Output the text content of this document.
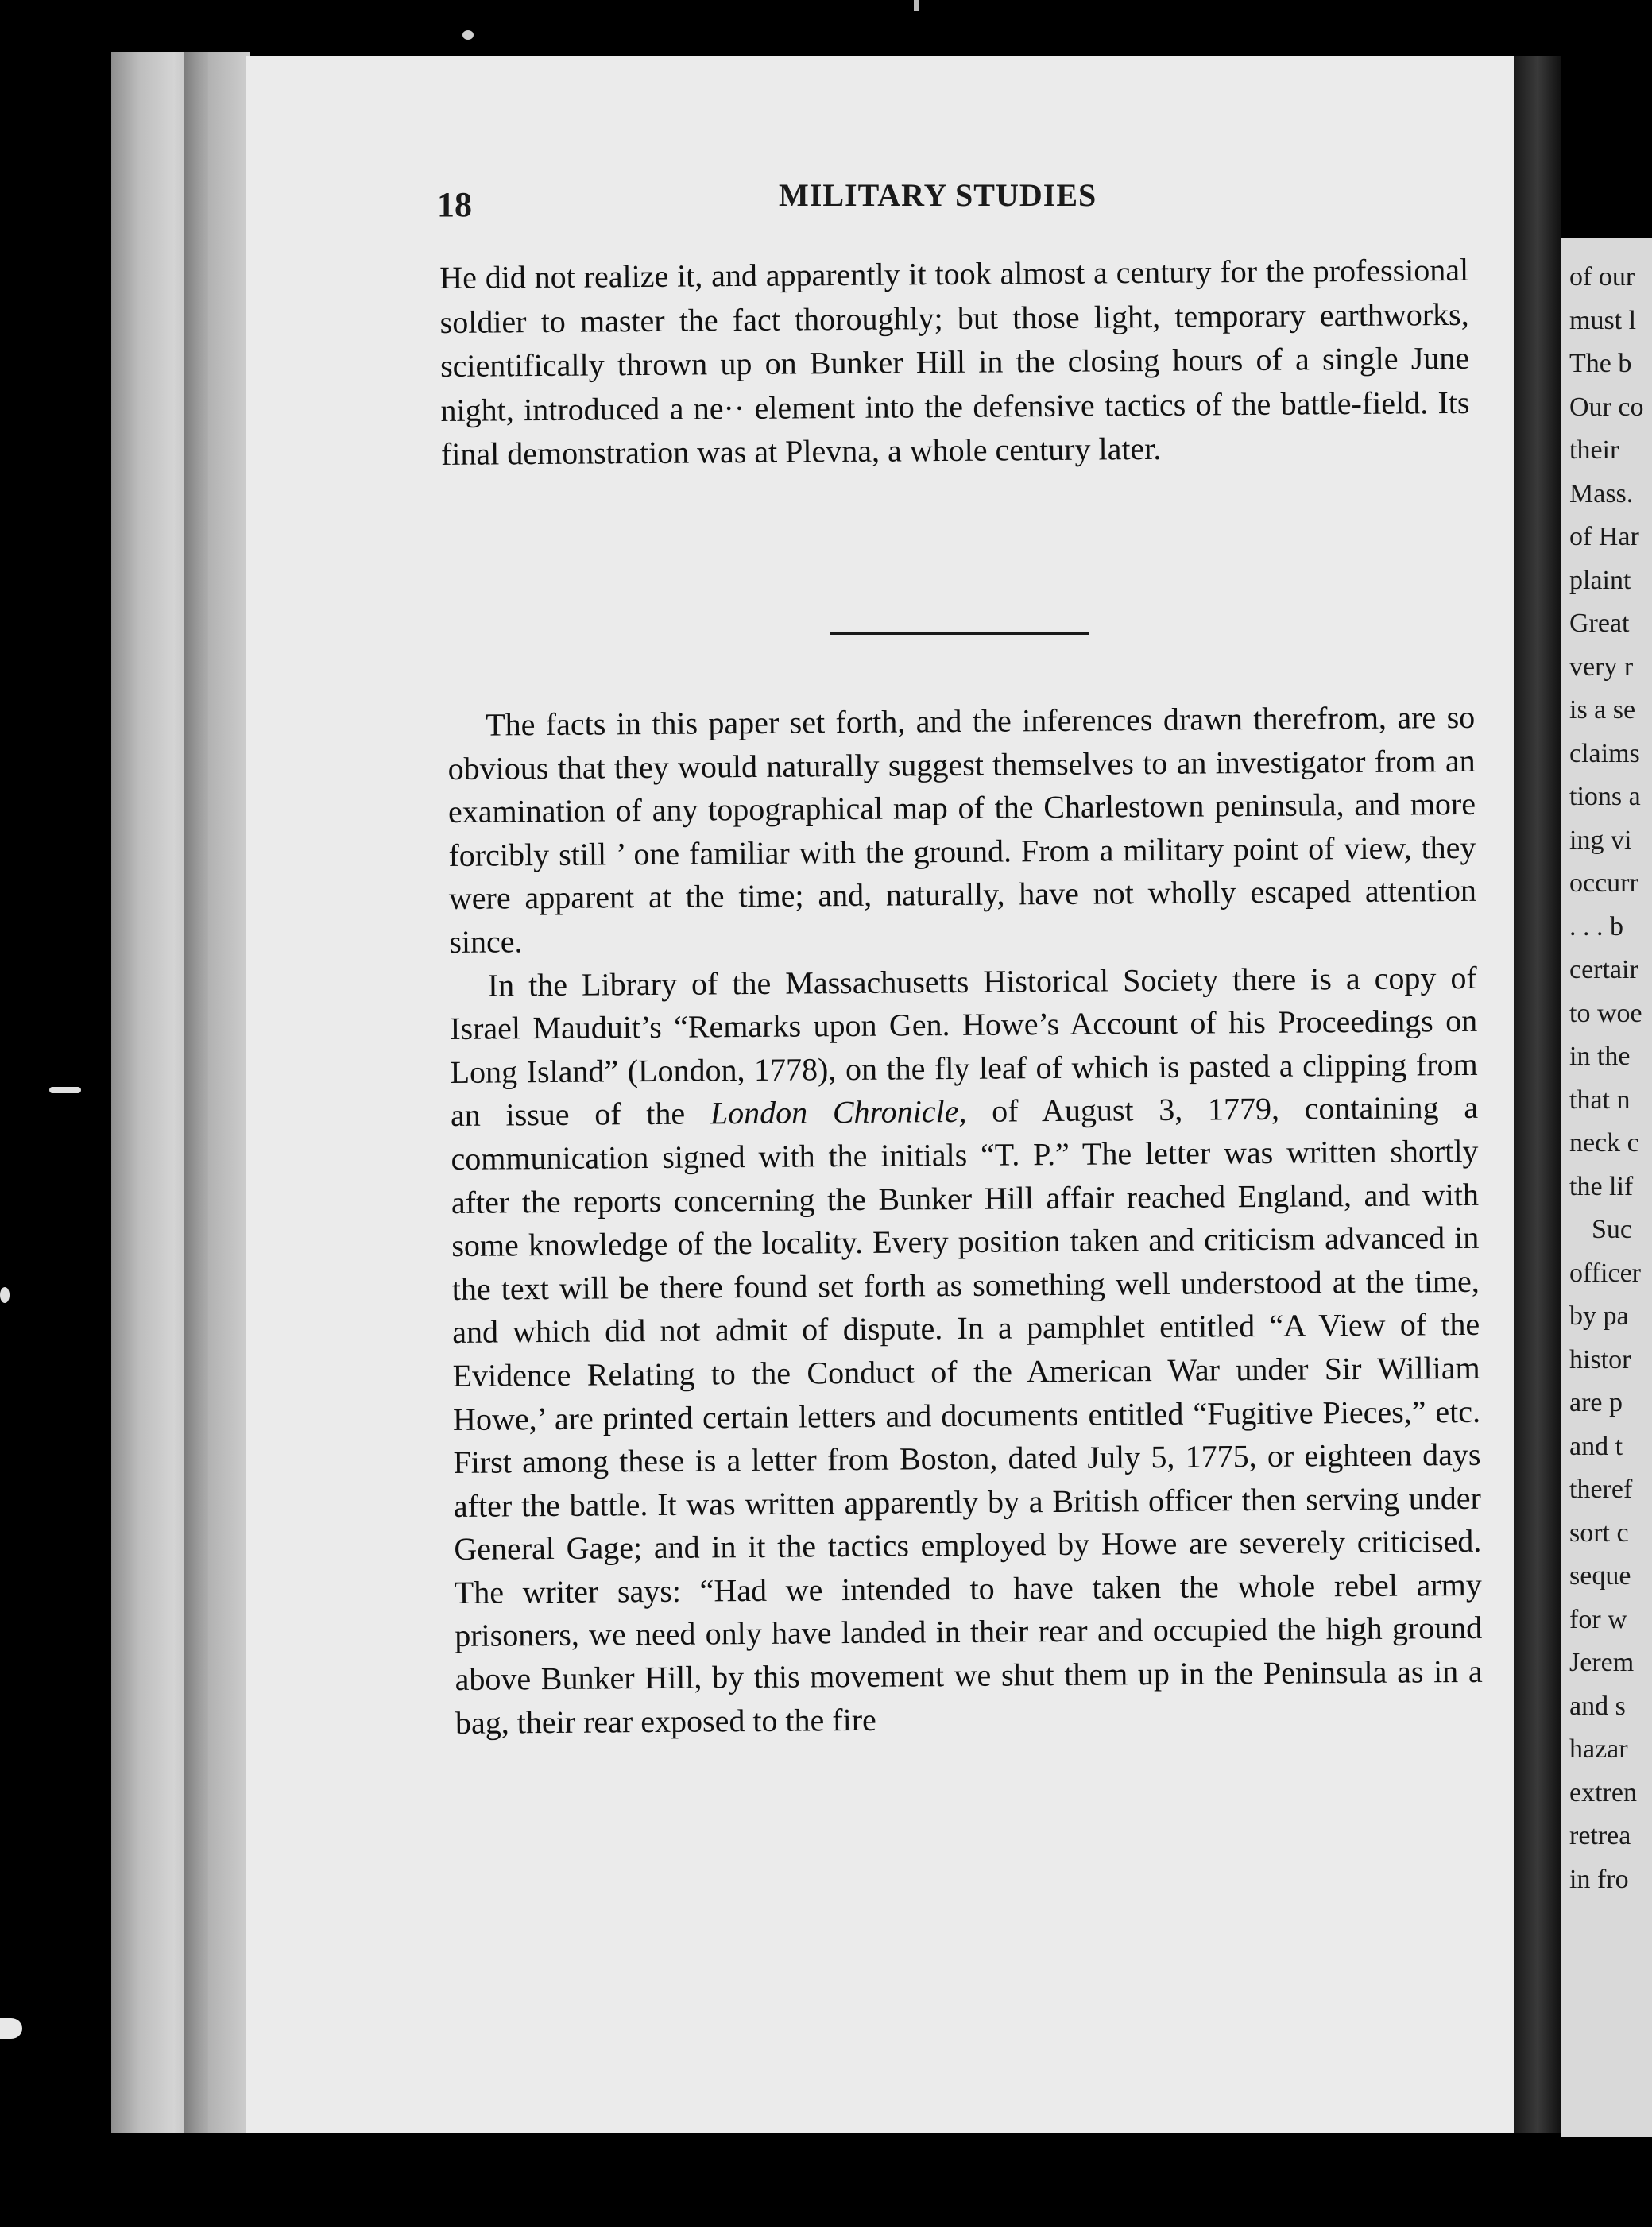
of our
must l
The b
Our co
their
Mass.
of Har
plaint
Great
very r
is a se
claims
tions a
ing vi
occurr
. . . b
certair
to woe
in the
that n
neck c
the lif
Suc
officer
by pa
histor
are p
and t
theref
sort c
seque
for w
Jerem
and s
hazar
extren
retrea
in fro
18	MILITARY STUDIES

He did not realize it, and apparently it took almost a century for the professional soldier to master the fact thoroughly; but those light, temporary earthworks, scientifically thrown up on Bunker Hill in the closing hours of a single June night, introduced a ne·· element into the defensive tactics of the battle-field. Its final demonstration was at Plevna, a whole century later.

The facts in this paper set forth, and the inferences drawn therefrom, are so obvious that they would naturally suggest themselves to an investigator from an examination of any topographical map of the Charlestown peninsula, and more forcibly still ’ one familiar with the ground. From a military point of view, they were apparent at the time; and, naturally, have not wholly escaped attention since.

In the Library of the Massachusetts Historical Society there is a copy of Israel Mauduit’s “Remarks upon Gen. Howe’s Account of his Proceedings on Long Island” (London, 1778), on the fly leaf of which is pasted a clipping from an issue of the London Chronicle, of August 3, 1779, containing a communication signed with the initials “T. P.” The letter was written shortly after the reports concerning the Bunker Hill affair reached England, and with some knowledge of the locality. Every position taken and criticism advanced in the text will be there found set forth as something well understood at the time, and which did not admit of dispute. In a pamphlet entitled “A View of the Evidence Relating to the Conduct of the American War under Sir William Howe,’ are printed certain letters and documents entitled “Fugitive Pieces,” etc. First among these is a letter from Boston, dated July 5, 1775, or eighteen days after the battle. It was written apparently by a British officer then serving under General Gage; and in it the tactics employed by Howe are severely criticised. The writer says: “Had we intended to have taken the whole rebel army prisoners, we need only have landed in their rear and occupied the high ground above Bunker Hill, by this movement we shut them up in the Peninsula as in a bag, their rear exposed to the fire
